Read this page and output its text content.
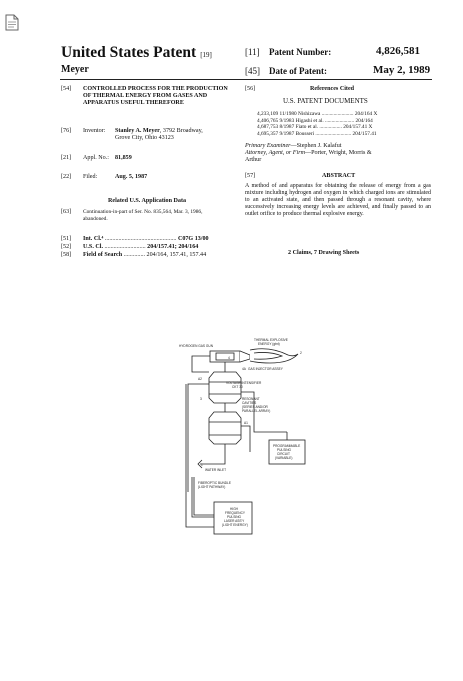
United States Patent [19]
Meyer
[11] Patent Number:	4,826,581
[45] Date of Patent:	May 2, 1989
[54]	CONTROLLED PROCESS FOR THE PRODUCTION OF THERMAL ENERGY FROM GASES AND APPARATUS USEFUL THEREFORE
[76]	Inventor:	Stanley A. Meyer, 3792 Broadway,
Grove City, Ohio 43123
[21] Appl. No.: 81,859
[22] Filed:	Aug. 5, 1987
Related U.S. Application Data
[63]	Continuation-in-part of Ser. No. 835,564, Mar. 3, 1986,
abandoned.
[51] Int. Cl.⁴ ............................................... C07G 13/00
[52] U.S. Cl. ........................... 204/157.41; 204/164
[58] Field of Search .............. 204/164, 157.41, 157.44
[56]	References Cited
U.S. PATENT DOCUMENTS
4,233,109 11/1980 Nishizawa ........................ 204/164 X
4,406,765 9/1983 Higashi et al. ...................... 204/164
4,687,753 8/1987 Fiato et al. ................. 204/157.41 X
4,695,357 9/1987 Bousseri ........................... 204/157.41
Primary Examiner—Stephen J. Kalafut
Attorney, Agent, or Firm—Porter, Wright, Morris &
Arthur
[57]	ABSTRACT
A method of and apparatus for obtaining the release of energy from a gas mixture including hydrogen and oxygen in which charged ions are stimulated to an activated state, and then passed through a resonant cavity, where successively increasing energy levels are achieved, and finally passed to an outlet orifice to produce thermal explosive energy.
2 Claims, 7 Drawing Sheets
HYDROGEN GAS GUN
THERMAL EXPLOSIVE
ENERGY (gtnt)
GAS INJECTOR ASSEY
VOLTAGE INTENSIFIER
CKT 30
RESONANT
CAVITIES
(SERIES AND/OR
PARALLEL ARRAY)
PROGRAMMABLE
PULSING
CIRCUIT
(VARIABLE)
WATER INLET
FIBEROPTIC BUNDLE
(LIGHT PATHWAY)
HIGH
FREQUENCY
PULSING
LASER ASS'Y
(LIGHT ENERGY)
2
4
4A
A2
3
A1
1
